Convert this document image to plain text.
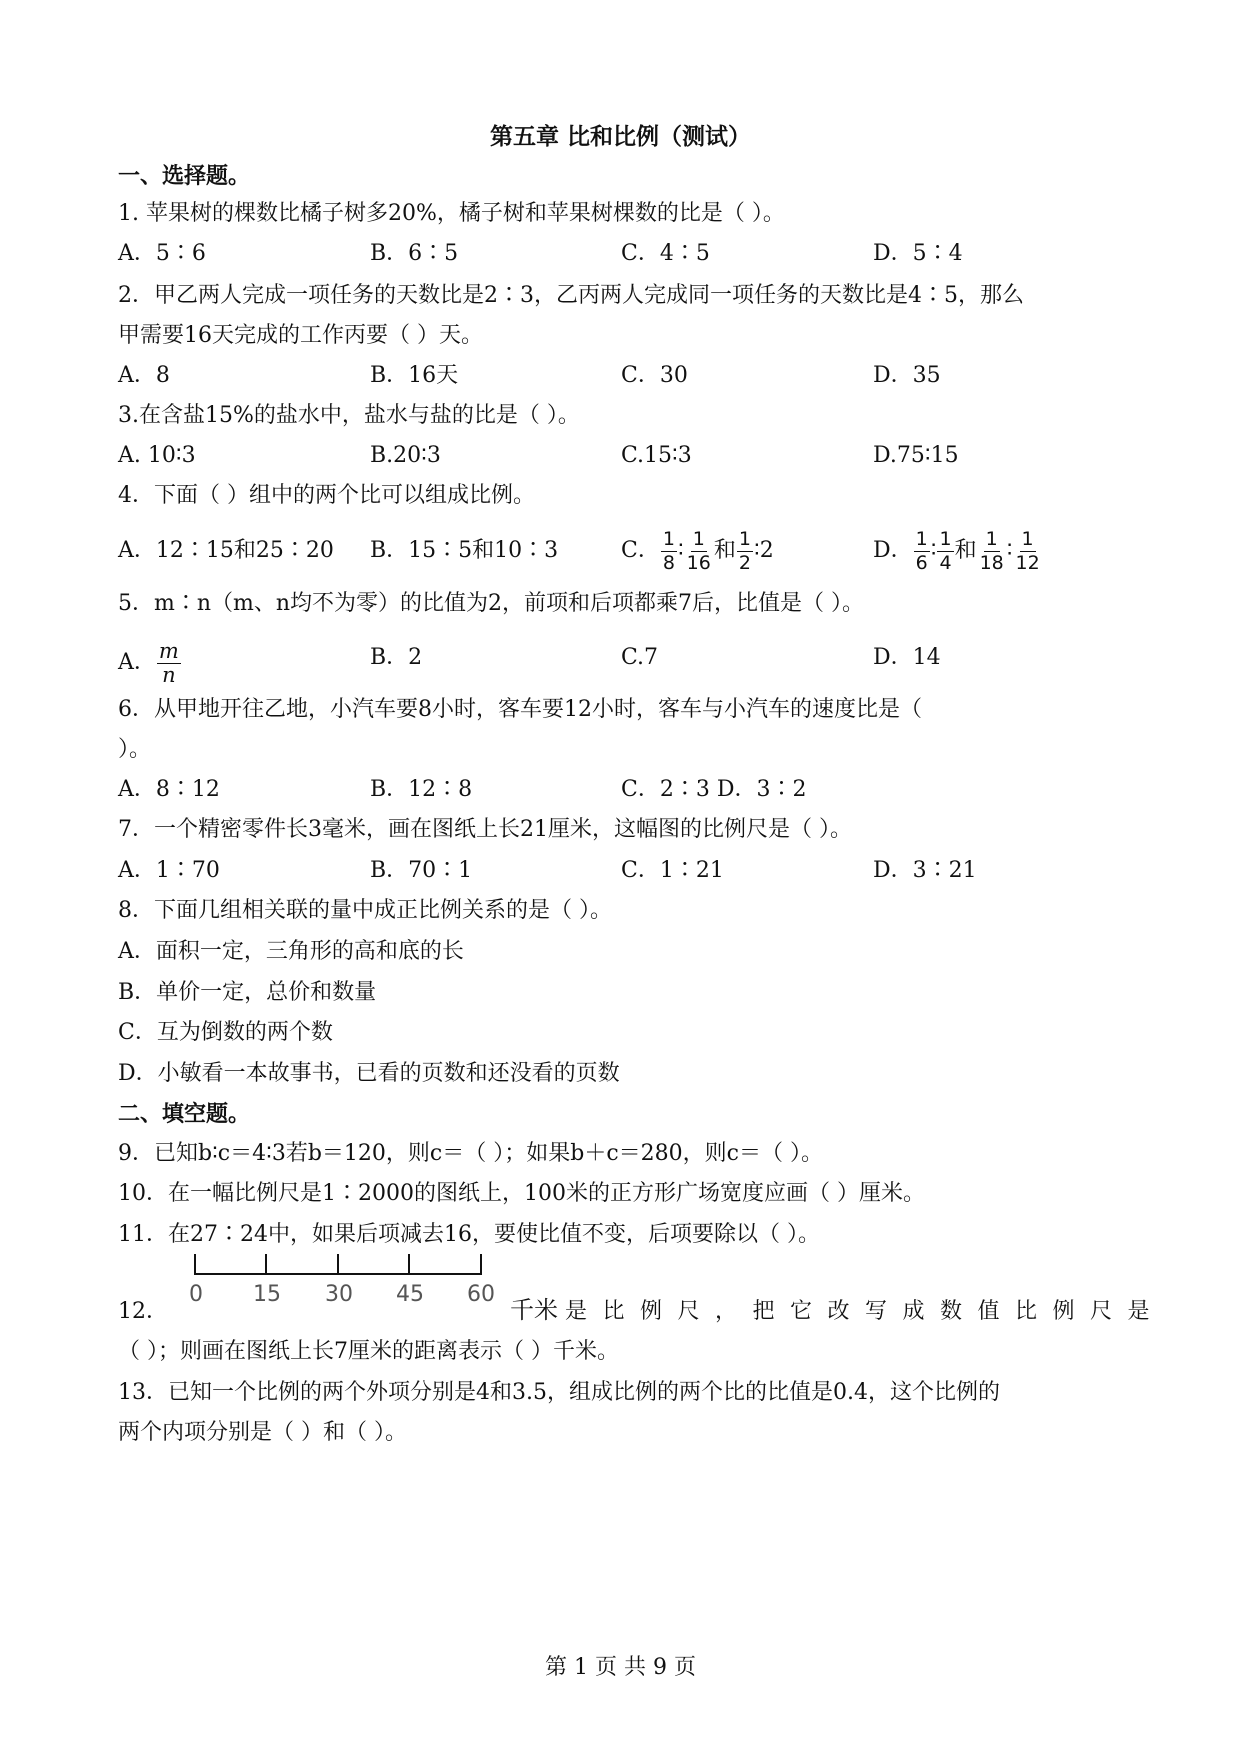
第五章 比和比例（测试）
一、选择题。
1. 苹果树的棵数比橘子树多20%，橘子树和苹果树棵数的比是（ ）。
A．5∶6	B．6∶5	C．4∶5	D．5∶4
2．甲乙两人完成一项任务的天数比是2∶3，乙丙两人完成同一项任务的天数比是4∶5，那么
甲需要16天完成的工作丙要（ ）天。
A．8	B．16天	C．30	D．35
3.在含盐15%的盐水中，盐水与盐的比是（ ）。
A. 10∶3	B.20∶3	C.15∶3	D.75∶15
4．下面（ ）组中的两个比可以组成比例。
A．12∶15和25∶20 B．15∶5和10∶3	C． $\frac{1}{8}$ ∶ $\frac{1}{16}$ 和 $\frac{1}{2}$ ∶2	D． $\frac{1}{6}$ ∶ $\frac{1}{4}$ 和 $\frac{1}{18}$ ∶ $\frac{1}{12}$
5．m∶n（m、n均不为零）的比值为2，前项和后项都乘7后，比值是（ ）。
A． $\frac{m}{n}$	B．2	C.7	D．14
6．从甲地开往乙地，小汽车要8小时，客车要12小时，客车与小汽车的速度比是（
）。
A．8∶12	B．12∶8	C．2∶3 D．3∶2
7．一个精密零件长3毫米，画在图纸上长21厘米，这幅图的比例尺是（ ）。
A．1∶70	B．70∶1	C．1∶21	D．3∶21
8．下面几组相关联的量中成正比例关系的是（ ）。
A．面积一定，三角形的高和底的长
B．单价一定，总价和数量
C．互为倒数的两个数
D．小敏看一本故事书，已看的页数和还没看的页数
二、填空题。
9．已知b∶c＝4∶3若b＝120，则c＝（ ）；如果b＋c＝280，则c＝（ ）。
10．在一幅比例尺是1∶2000的图纸上，100米的正方形广场宽度应画（ ）厘米。
11．在27∶24中，如果后项减去16，要使比值不变，后项要除以（ ）。
12．
0 15 30 45 60
千米 是比例尺，把它改写成数值比例尺是
（ ）；则画在图纸上长7厘米的距离表示（ ）千米。
13．已知一个比例的两个外项分别是4和3.5，组成比例的两个比的比值是0.4，这个比例的
两个内项分别是（ ）和（ ）。
第 1 页 共 9 页
